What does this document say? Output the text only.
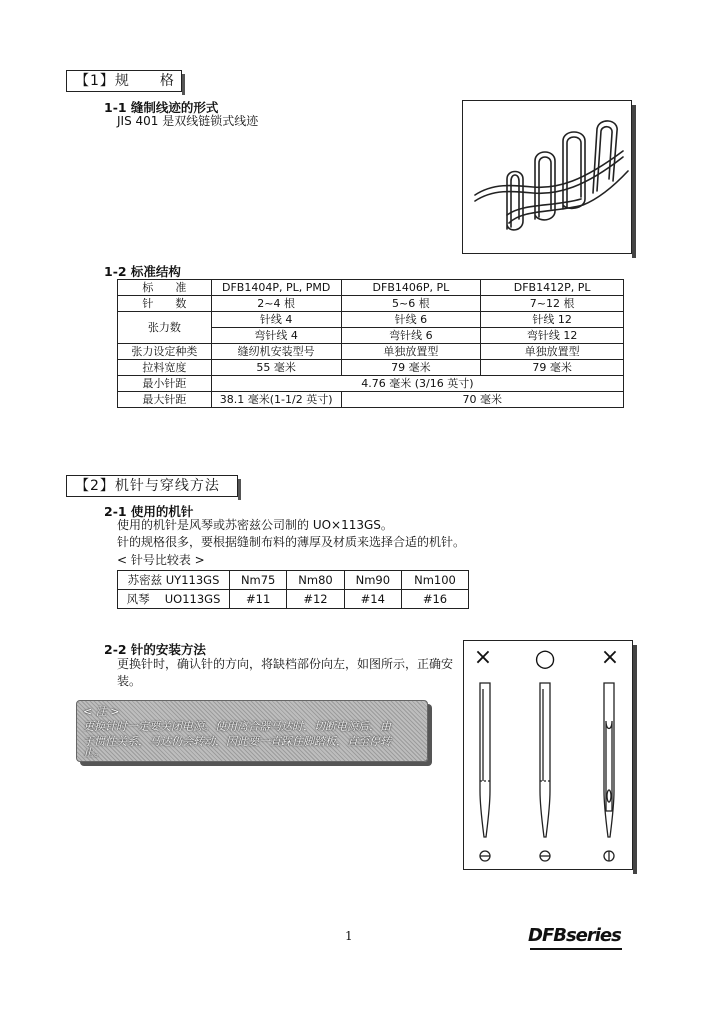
【1】规　　格
1-1 缝制线迹的形式
JIS 401 是双线链锁式线迹
1-2 标准结构
标　　准	DFB1404P, PL, PMD	DFB1406P, PL	DFB1412P, PL
针　　数	2~4 根	5~6 根	7~12 根
张力数	针线 4	针线 6	针线 12
	弯针线 4	弯针线 6	弯针线 12
张力设定种类	缝纫机安装型号	单独放置型	单独放置型
拉料宽度	55 毫米	79 毫米	79 毫米
最小针距	4.76 毫米 (3/16 英寸)		
最大针距	38.1 毫米(1-1/2 英寸)	70 毫米	
【2】机针与穿线方法
2-1 使用的机针
使用的机针是风琴或苏密兹公司制的 UO×113GS。
针的规格很多，要根据缝制布料的薄厚及材质来选择合适的机针。
< 针号比较表 >
苏密兹 UY113GS	Nm75	Nm80	Nm90	Nm100
风琴　 UO113GS	#11	#12	#14	#16
2-2 针的安装方法
更换针时，确认针的方向，将缺档部份向左，如图所示，正确安
装。
< 注 >
更换针时一定要关闭电源。使用离合器马达时，切断电源后，由
于惯性关系，马达仍会转动，因此要一直踩住脚踏板，直至停转
止。
× ○ ×
1	DFBseries
